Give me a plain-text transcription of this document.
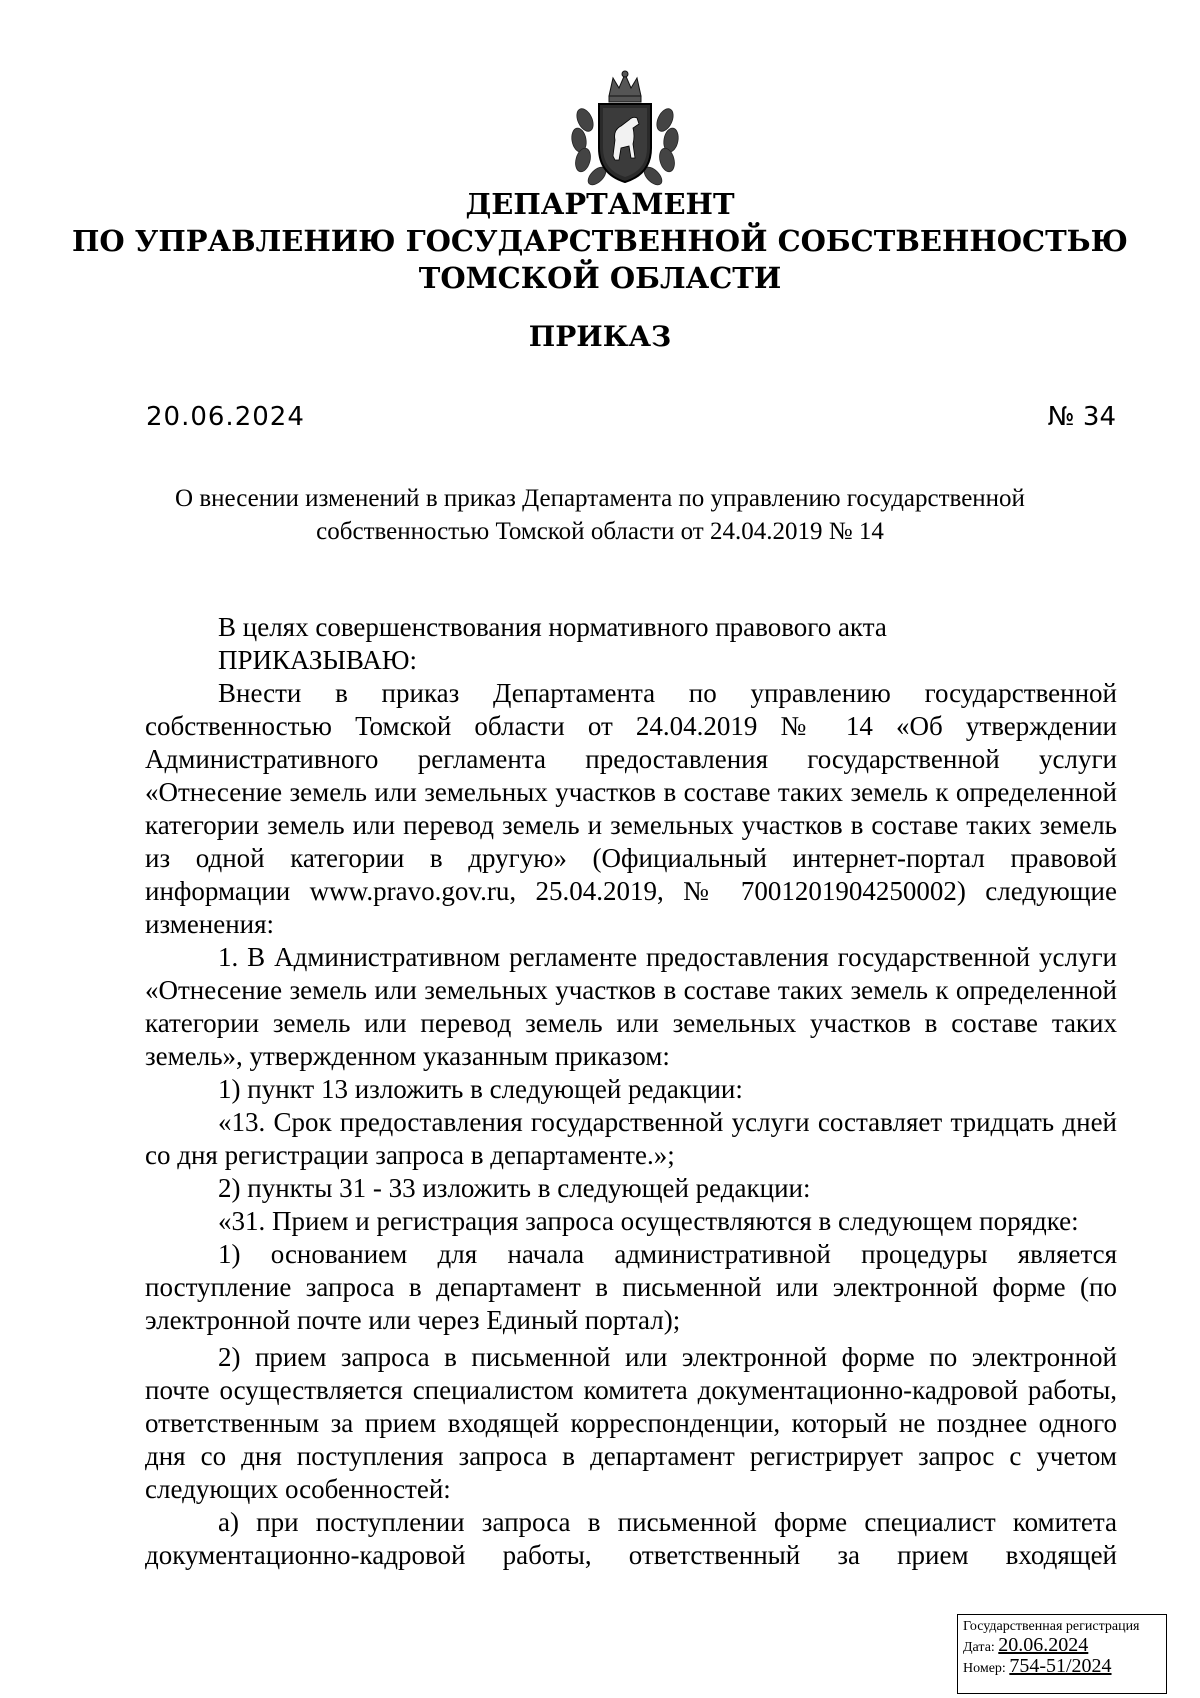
ДЕПАРТАМЕНТ
ПО УПРАВЛЕНИЮ ГОСУДАРСТВЕННОЙ СОБСТВЕННОСТЬЮ
ТОМСКОЙ ОБЛАСТИ
ПРИКАЗ
20.06.2024	№ 34
О внесении изменений в приказ Департамента по управлению государственной
собственностью Томской области от 24.04.2019 № 14

В целях совершенствования нормативного правового акта

ПРИКАЗЫВАЮ:

Внести в приказ Департамента по управлению государственной собственностью Томской области от 24.04.2019 № 14 «Об утверждении Административного регламента предоставления государственной услуги «Отнесение земель или земельных участков в составе таких земель к определенной категории земель или перевод земель и земельных участков в составе таких земель из одной категории в другую» (Официальный интернет-портал правовой информации www.pravo.gov.ru, 25.04.2019, № 7001201904250002) следующие изменения:

1. В Административном регламенте предоставления государственной услуги «Отнесение земель или земельных участков в составе таких земель к определенной категории земель или перевод земель или земельных участков в составе таких земель», утвержденном указанным приказом:

1) пункт 13 изложить в следующей редакции:

«13. Срок предоставления государственной услуги составляет тридцать дней со дня регистрации запроса в департаменте.»;

2) пункты 31 - 33 изложить в следующей редакции:

«31. Прием и регистрация запроса осуществляются в следующем порядке:

1) основанием для начала административной процедуры является поступление запроса в департамент в письменной или электронной форме (по электронной почте или через Единый портал);

2) прием запроса в письменной или электронной форме по электронной почте осуществляется специалистом комитета документационно-кадровой работы, ответственным за прием входящей корреспонденции, который не позднее одного дня со дня поступления запроса в департамент регистрирует запрос с учетом следующих особенностей:

а) при поступлении запроса в письменной форме специалист комитета документационно-кадровой работы, ответственный за прием входящей

Государственная регистрация
Дата: 20.06.2024
Номер: 754-51/2024
